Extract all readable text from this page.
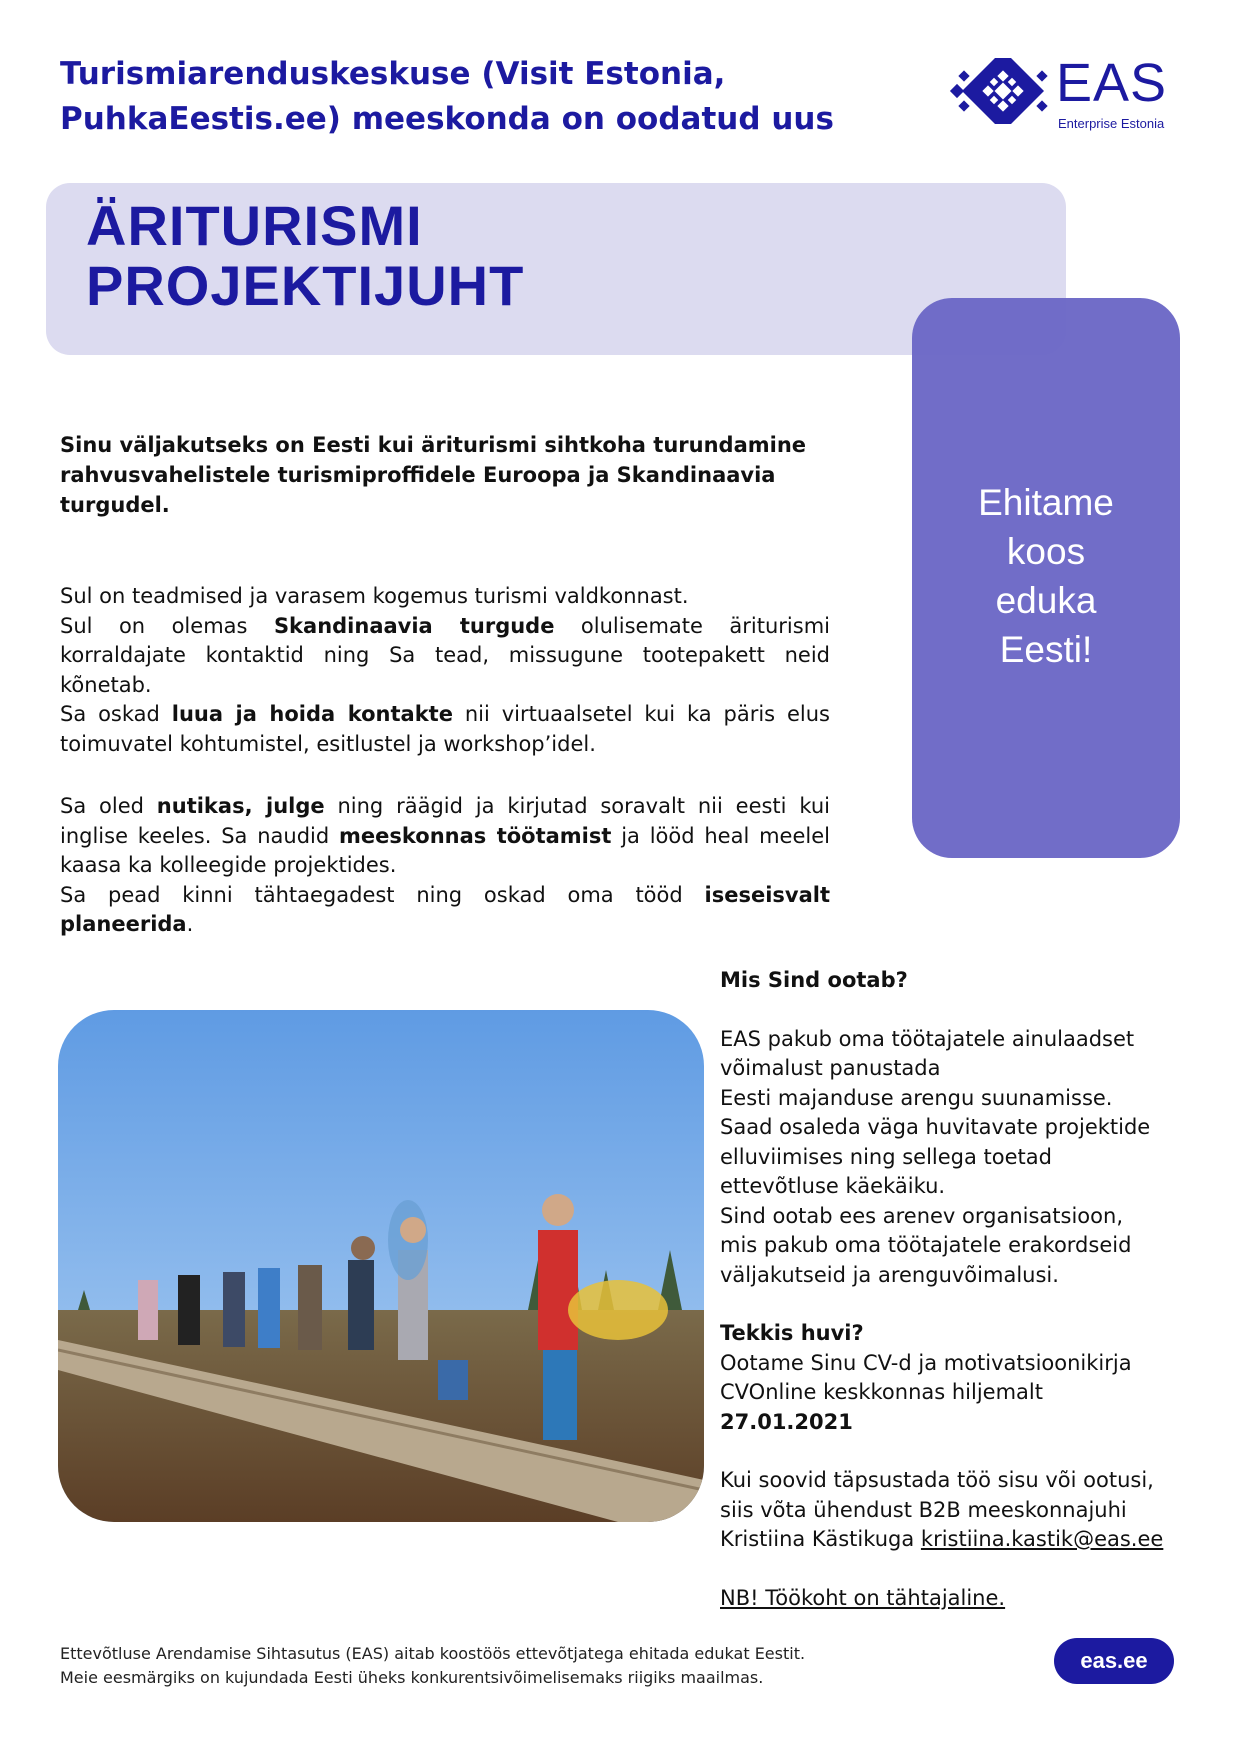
Turismiarenduskeskuse (Visit Estonia,
PuhkaEestis.ee) meeskonda on oodatud uus
EAS
Enterprise Estonia
ÄRITURISMI
PROJEKTIJUHT
Ehitame
koos
eduka
Eesti!
Sinu väljakutseks on Eesti kui äriturismi sihtkoha turundamine rahvusvahelistele turismiproffidele Euroopa ja Skandinaavia turgudel.
Sul on teadmised ja varasem kogemus turismi valdkonnast.
Sul on olemas Skandinaavia turgude olulisemate äriturismi korraldajate kontaktid ning Sa tead, missugune tootepakett neid kõnetab.
Sa oskad luua ja hoida kontakte nii virtuaalsetel kui ka päris elus toimuvatel kohtumistel, esitlustel ja workshop’idel.
Sa oled nutikas, julge ning räägid ja kirjutad soravalt nii eesti kui inglise keeles. Sa naudid meeskonnas töötamist ja lööd heal meelel kaasa ka kolleegide projektides.
Sa pead kinni tähtaegadest ning oskad oma tööd iseseisvalt planeerida.
Mis Sind ootab?
EAS pakub oma töötajatele ainulaadset
võimalust panustada
Eesti majanduse arengu suunamisse.
Saad osaleda väga huvitavate projektide
elluviimises ning sellega toetad
ettevõtluse käekäiku.
Sind ootab ees arenev organisatsioon,
mis pakub oma töötajatele erakordseid
väljakutseid ja arenguvõimalusi.
Tekkis huvi?
Ootame Sinu CV-d ja motivatsioonikirja
CVOnline keskkonnas hiljemalt
27.01.2021
Kui soovid täpsustada töö sisu või ootusi,
siis võta ühendust B2B meeskonnajuhi
Kristiina Kästikuga kristiina.kastik@eas.ee
NB! Töökoht on tähtajaline.
Ettevõtluse Arendamise Sihtasutus (EAS) aitab koostöös ettevõtjatega ehitada edukat Eestit.
Meie eesmärgiks on kujundada Eesti üheks konkurentsivõimelisemaks riigiks maailmas.
eas.ee
